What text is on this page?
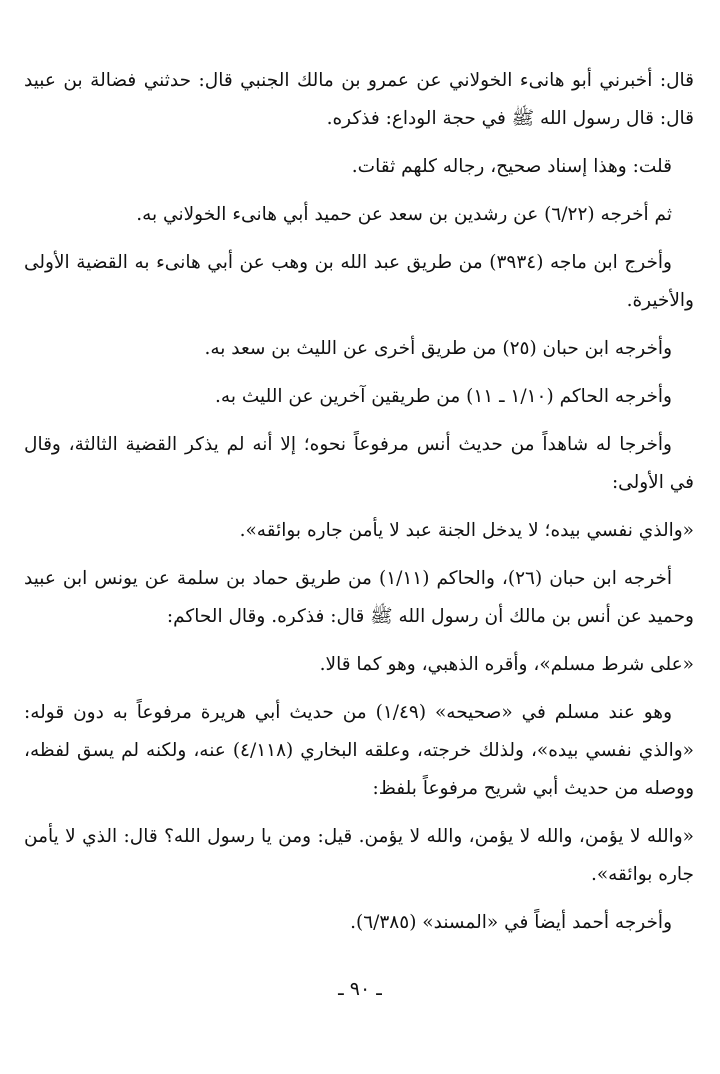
قال: أخبرني أبو هانىء الخولاني عن عمرو بن مالك الجنبي قال: حدثني فضالة بن عبيد قال: قال رسول الله ﷺ في حجة الوداع: فذكره.

قلت: وهذا إسناد صحيح، رجاله كلهم ثقات.

ثم أخرجه (٦/٢٢) عن رشدين بن سعد عن حميد أبي هانىء الخولاني به.

وأخرج ابن ماجه (٣٩٣٤) من طريق عبد الله بن وهب عن أبي هانىء به القضية الأولى والأخيرة.

وأخرجه ابن حبان (٢٥) من طريق أخرى عن الليث بن سعد به.

وأخرجه الحاكم (١/١٠ ـ ١١) من طريقين آخرين عن الليث به.

وأخرجا له شاهداً من حديث أنس مرفوعاً نحوه؛ إلا أنه لم يذكر القضية الثالثة، وقال في الأولى:

«والذي نفسي بيده؛ لا يدخل الجنة عبد لا يأمن جاره بوائقه».

أخرجه ابن حبان (٢٦)، والحاكم (١/١١) من طريق حماد بن سلمة عن يونس ابن عبيد وحميد عن أنس بن مالك أن رسول الله ﷺ قال: فذكره. وقال الحاكم:

«على شرط مسلم»، وأقره الذهبي، وهو كما قالا.

وهو عند مسلم في «صحيحه» (١/٤٩) من حديث أبي هريرة مرفوعاً به دون قوله: «والذي نفسي بيده»، ولذلك خرجته، وعلقه البخاري (٤/١١٨) عنه، ولكنه لم يسق لفظه، ووصله من حديث أبي شريح مرفوعاً بلفظ:

«والله لا يؤمن، والله لا يؤمن، والله لا يؤمن. قيل: ومن يا رسول الله؟ قال: الذي لا يأمن جاره بوائقه».

وأخرجه أحمد أيضاً في «المسند» (٦/٣٨٥).

ـ ٩٠ ـ
